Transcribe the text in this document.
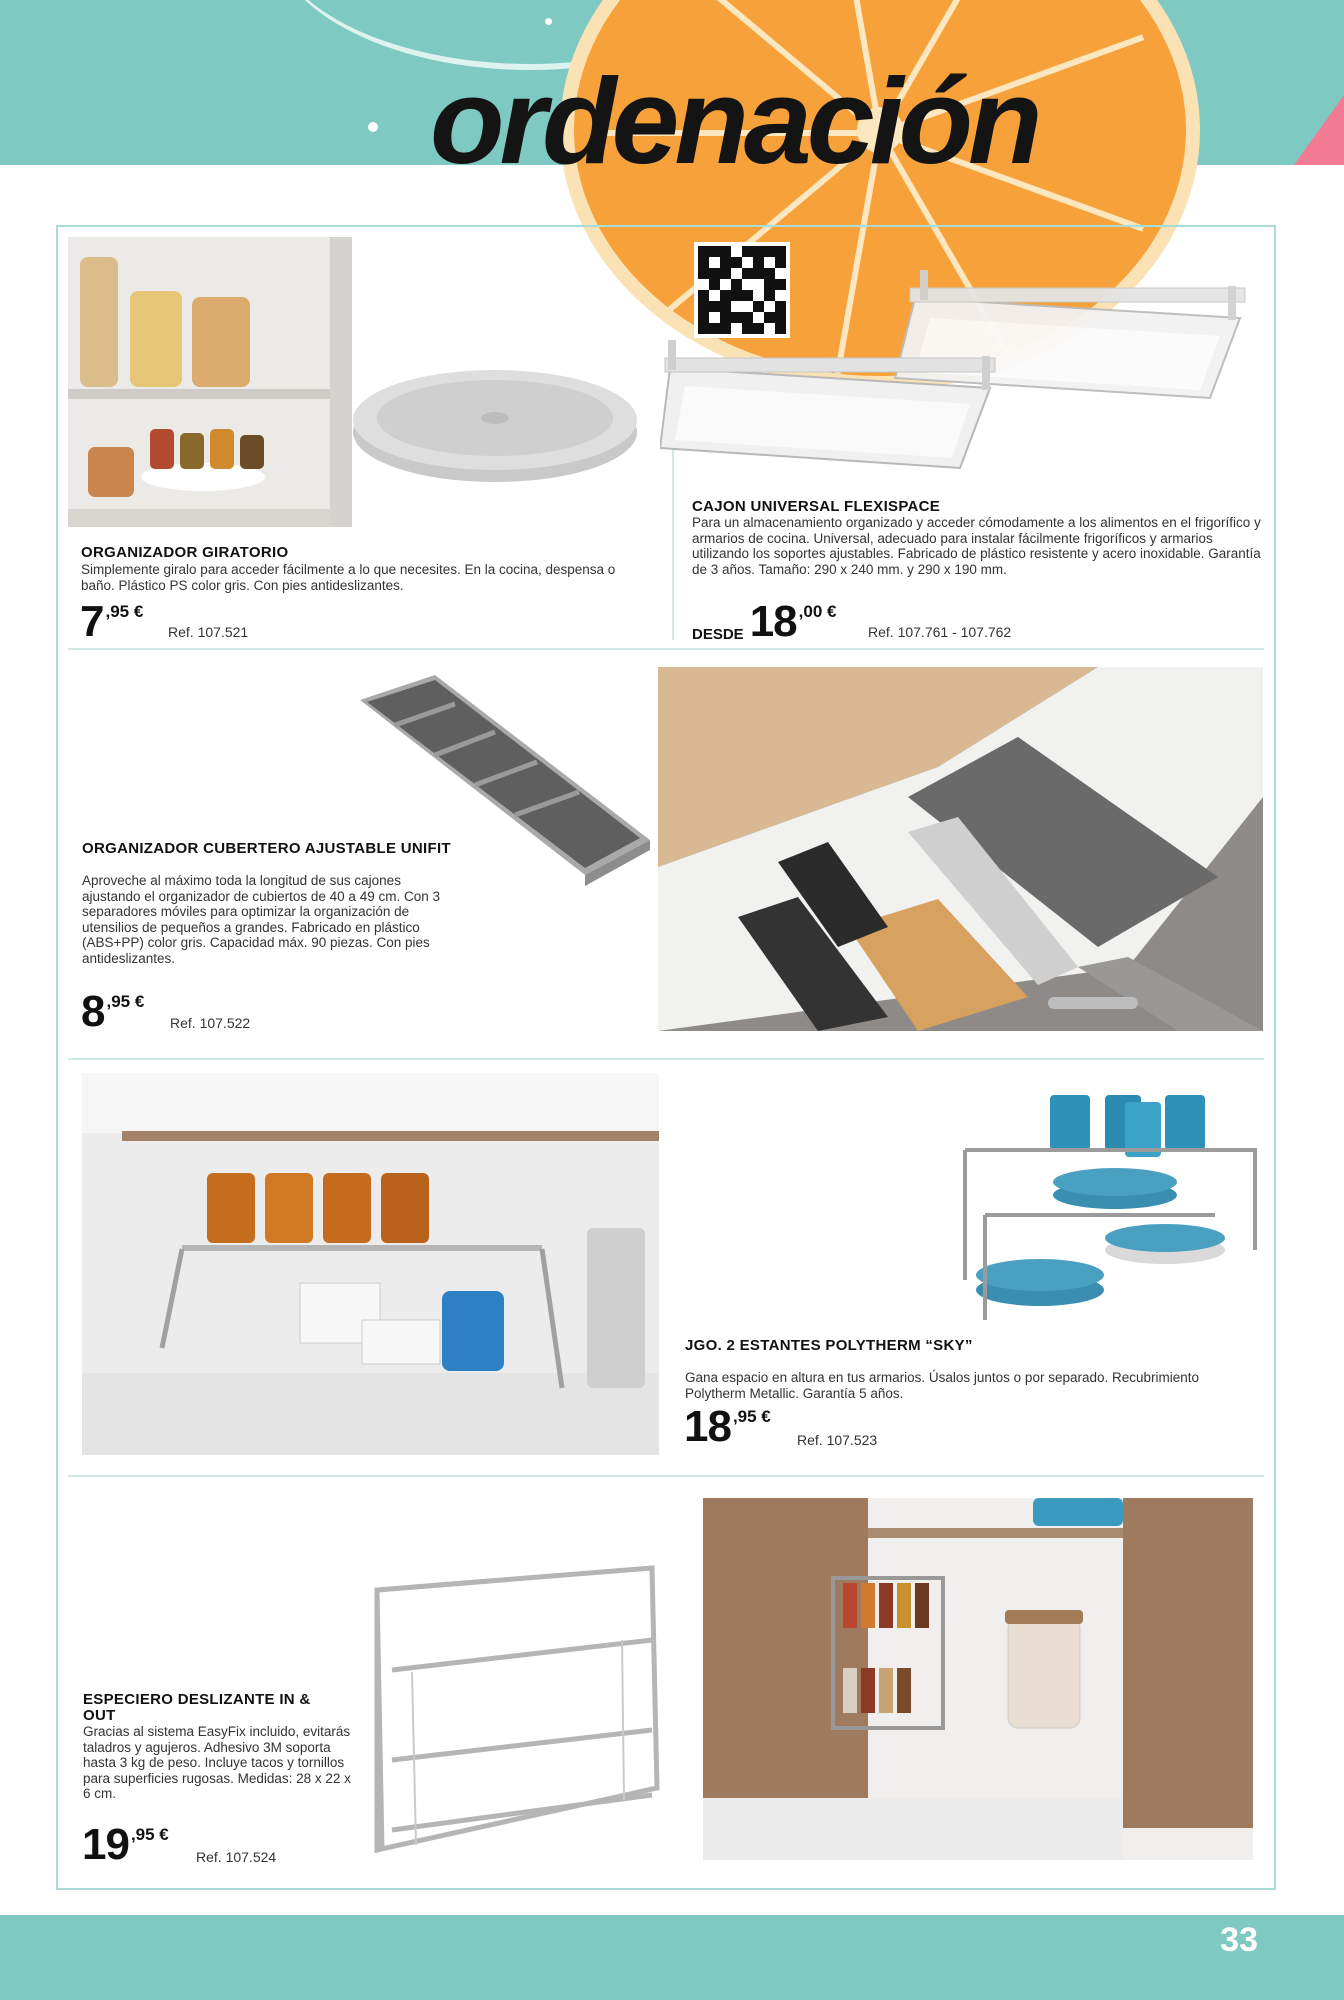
ordenación
ORGANIZADOR GIRATORIO
Simplemente giralo para acceder fácilmente a lo que necesites. En la cocina, despensa o baño. Plástico PS color gris. Con pies antideslizantes.
7 ,95 €
Ref. 107.521
CAJON UNIVERSAL FLEXISPACE
Para un almacenamiento organizado y acceder cómodamente a los alimentos en el frigorífico y armarios de cocina. Universal, adecuado para instalar fácilmente frigoríficos y armarios utilizando los soportes ajustables. Fabricado de plástico resistente y acero inoxidable. Garantía de 3 años. Tamaño: 290 x 240 mm. y 290 x 190 mm.
DESDE 18 ,00 €
Ref. 107.761 - 107.762
ORGANIZADOR CUBERTERO AJUSTABLE UNIFIT
Aproveche al máximo toda la longitud de sus cajones ajustando el organizador de cubiertos de 40 a 49 cm. Con 3 separadores móviles para optimizar la organización de utensilios de pequeños a grandes. Fabricado en plástico (ABS+PP) color gris. Capacidad máx. 90 piezas. Con pies antideslizantes.
8 ,95 €
Ref. 107.522
JGO. 2 ESTANTES POLYTHERM “SKY”
Gana espacio en altura en tus armarios. Úsalos juntos o por separado. Recubrimiento Polytherm Metallic. Garantía 5 años.
18 ,95 €
Ref. 107.523
ESPECIERO DESLIZANTE IN & OUT
Gracias al sistema EasyFix incluido, evitarás taladros y agujeros. Adhesivo 3M soporta hasta 3 kg de peso. Incluye tacos y tornillos para superficies rugosas. Medidas: 28 x 22 x 6 cm.
19 ,95 €
Ref. 107.524
33
